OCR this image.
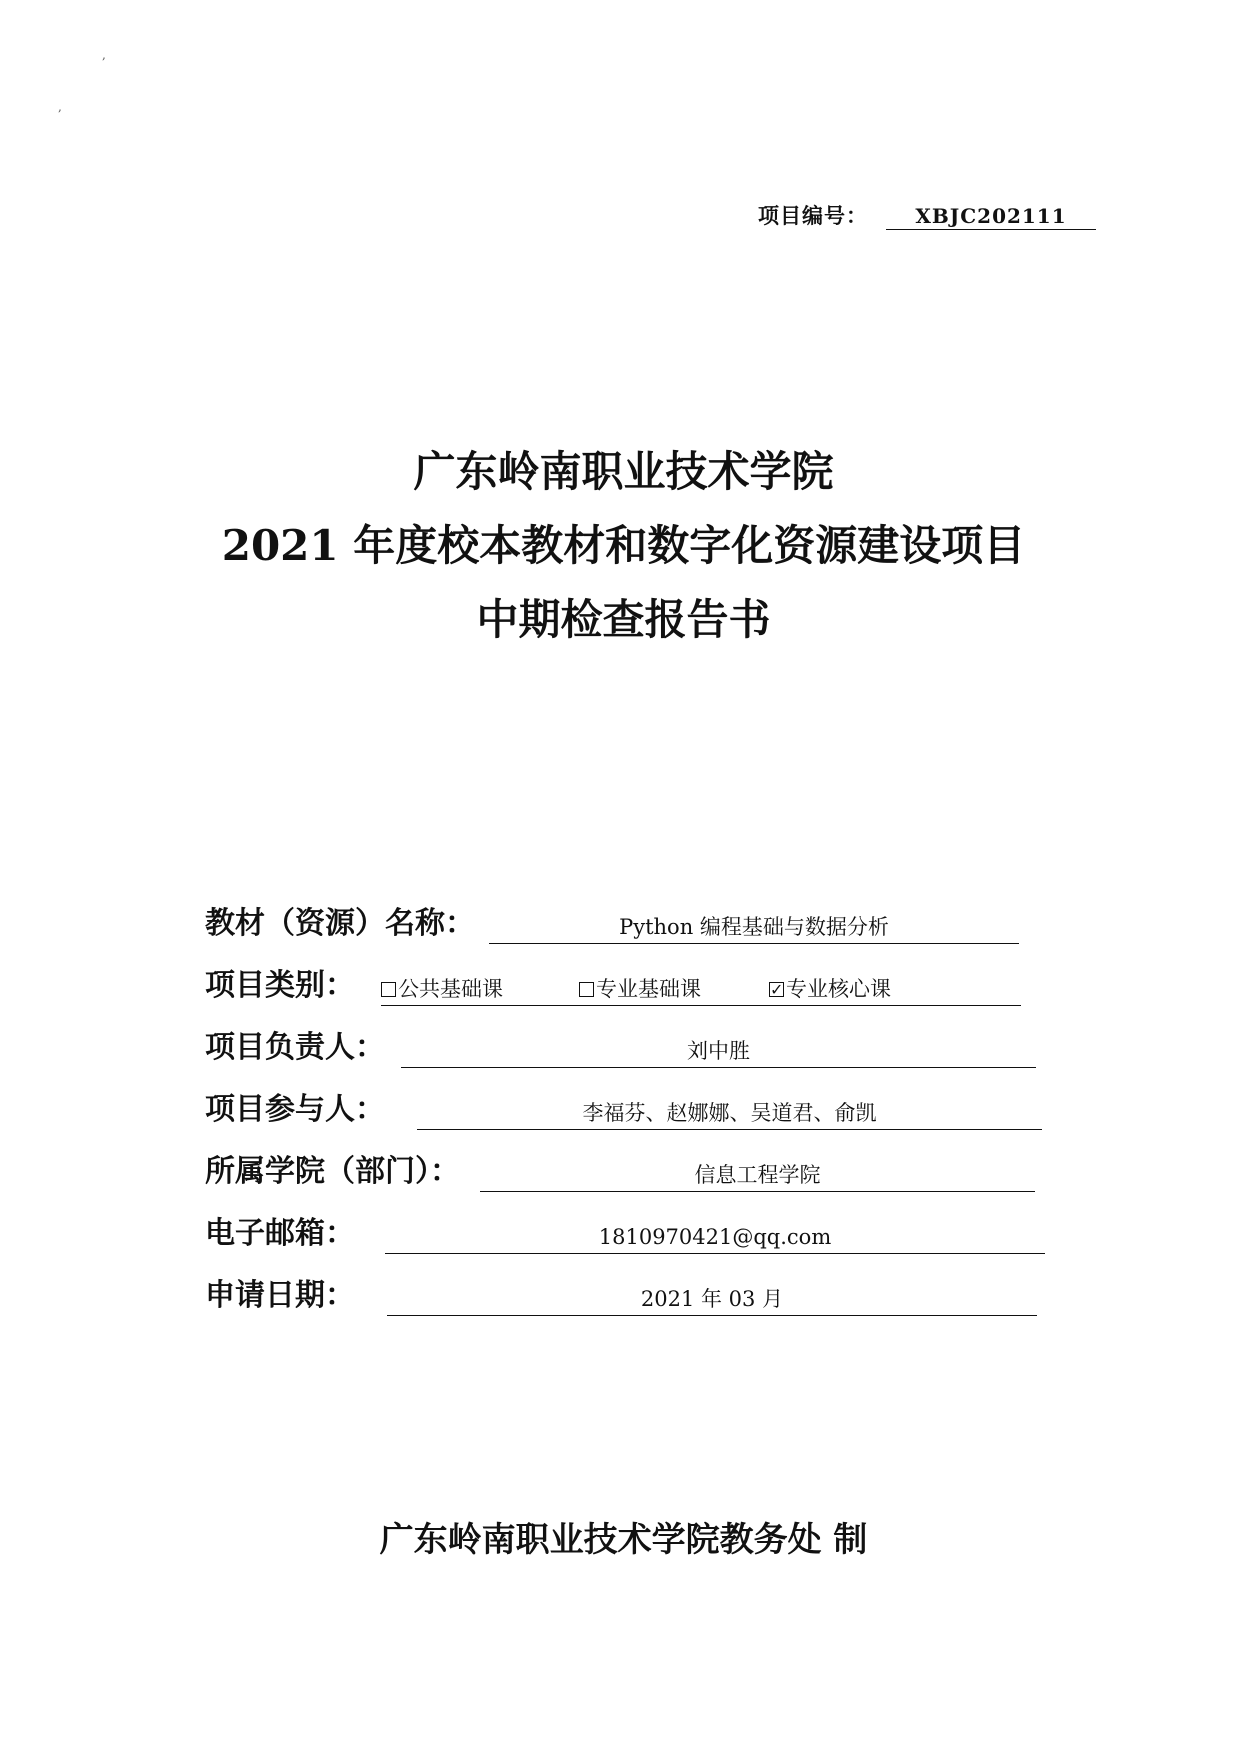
,
,
项目编号：	XBJC202111
广东岭南职业技术学院
2021 年度校本教材和数字化资源建设项目
中期检查报告书
教材（资源）名称：	Python 编程基础与数据分析
项目类别： 公共基础课	专业基础课
✓	专业核心课
项目负责人：	刘中胜
项目参与人：	李福芬、赵娜娜、吴道君、俞凯
所属学院（部门）：	信息工程学院
电子邮箱：	1810970421@qq.com
申请日期：	2021 年 03 月
广东岭南职业技术学院教务处 制
